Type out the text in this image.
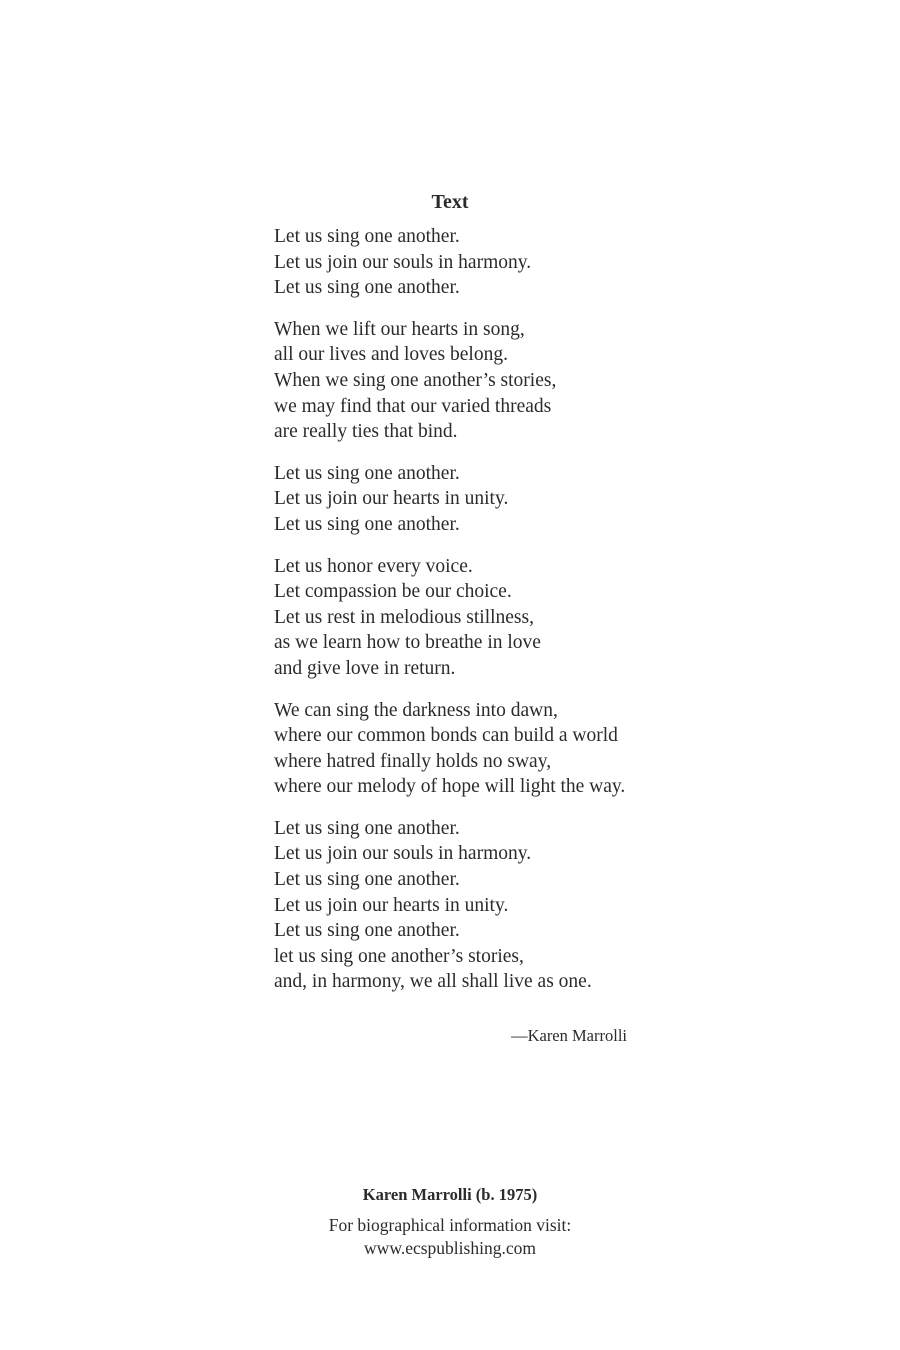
Text
Let us sing one another.
Let us join our souls in harmony.
Let us sing one another.
When we lift our hearts in song,
all our lives and loves belong.
When we sing one another’s stories,
we may find that our varied threads
are really ties that bind.
Let us sing one another.
Let us join our hearts in unity.
Let us sing one another.
Let us honor every voice.
Let compassion be our choice.
Let us rest in melodious stillness,
as we learn how to breathe in love
and give love in return.
We can sing the darkness into dawn,
where our common bonds can build a world
where hatred finally holds no sway,
where our melody of hope will light the way.
Let us sing one another.
Let us join our souls in harmony.
Let us sing one another.
Let us join our hearts in unity.
Let us sing one another.
let us sing one another’s stories,
and, in harmony, we all shall live as one.
—Karen Marrolli

Karen Marrolli (b. 1975)

For biographical information visit:

www.ecspublishing.com
